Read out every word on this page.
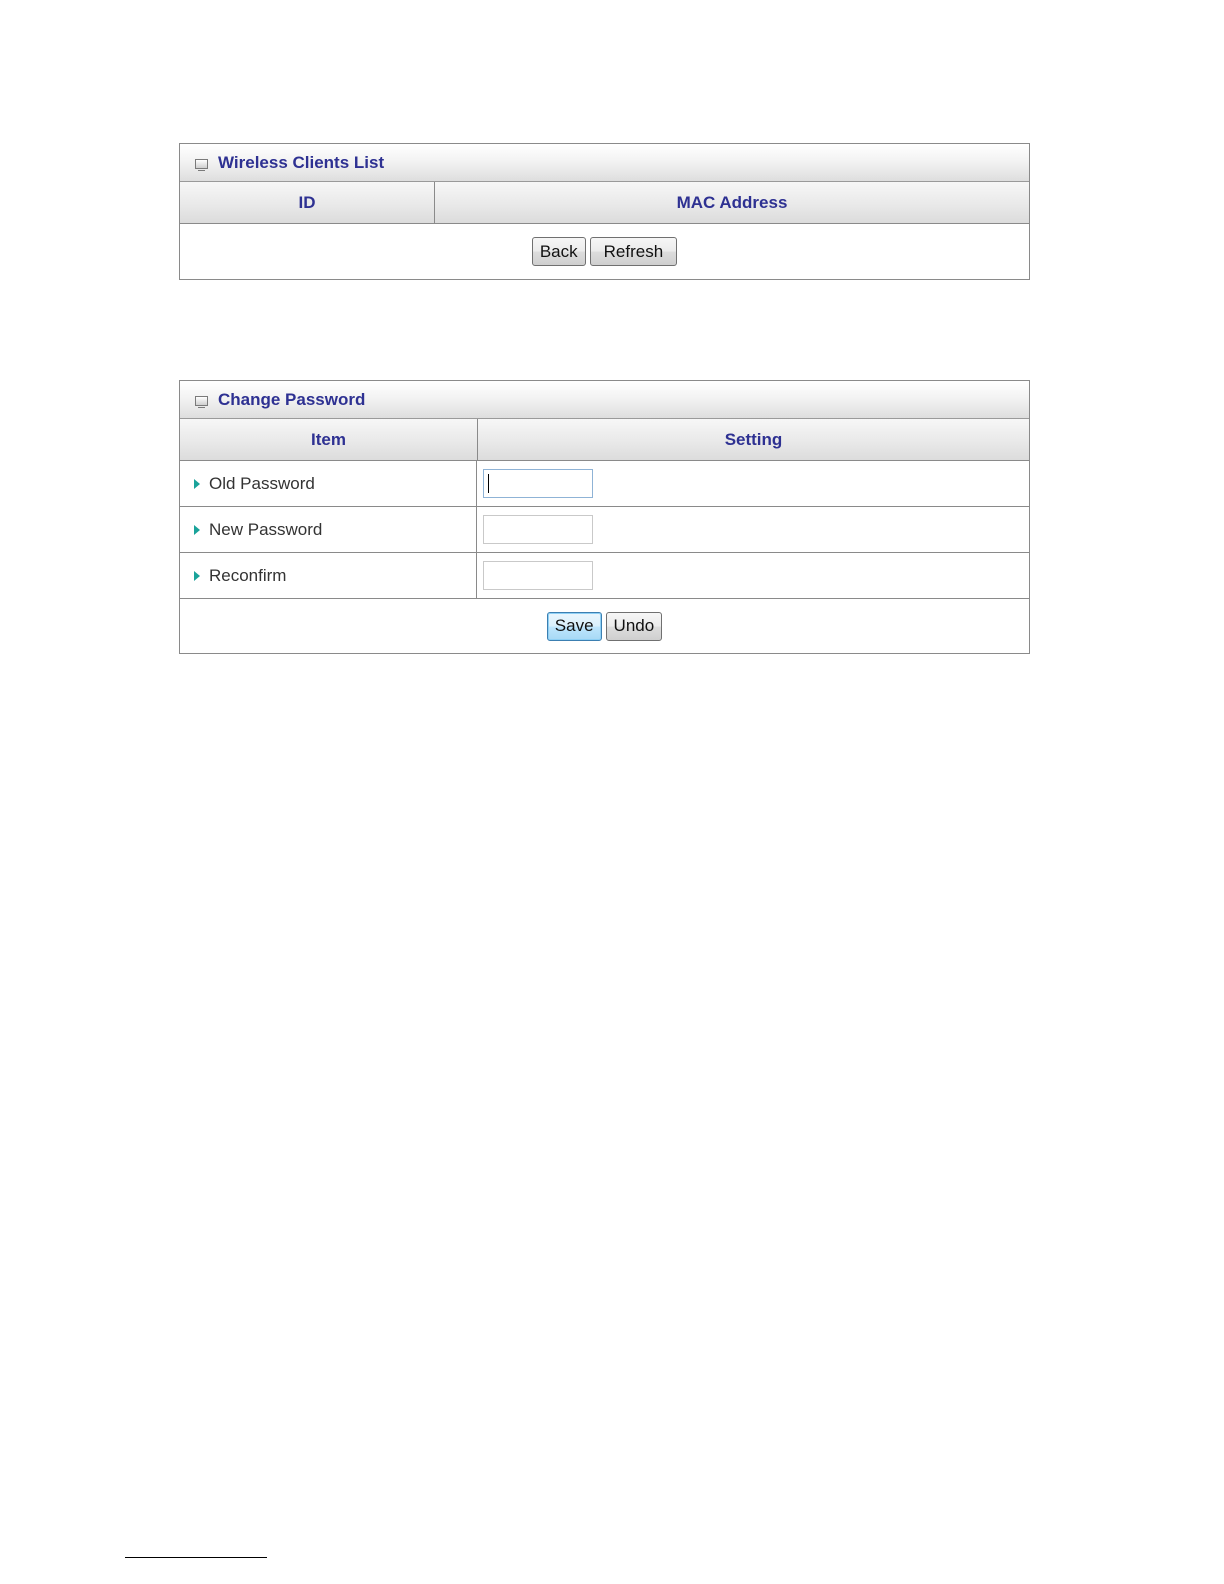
Wireless Clients List
ID	MAC Address
Back	Refresh
Change Password
Item	Setting
Old Password
New Password
Reconfirm
Save	Undo
